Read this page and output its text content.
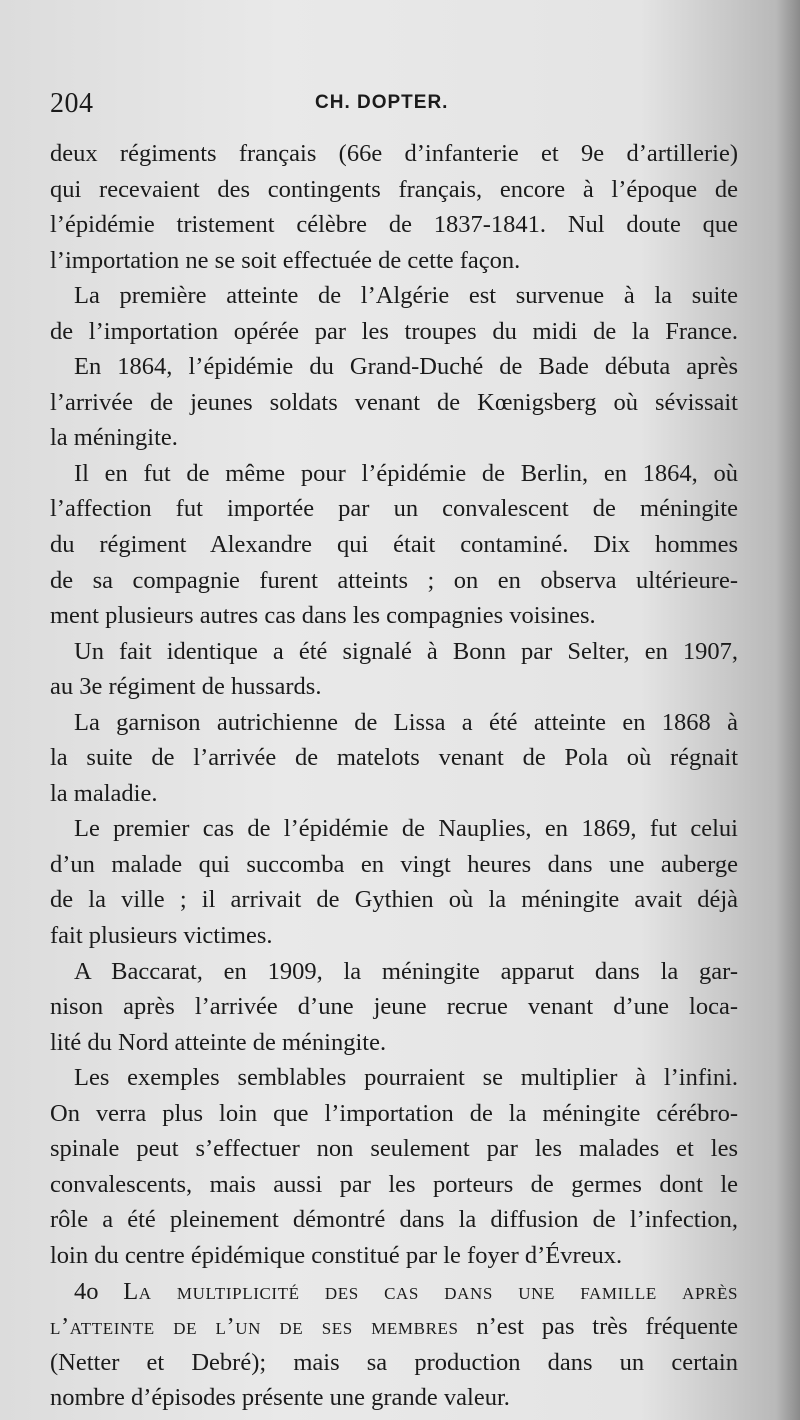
204	CH. DOPTER.
deux régiments français (66e d’infanterie et 9e d’artillerie)
qui recevaient des contingents français, encore à l’époque de
l’épidémie tristement célèbre de 1837-1841. Nul doute que
l’importation ne se soit effectuée de cette façon.
La première atteinte de l’Algérie est survenue à la suite
de l’importation opérée par les troupes du midi de la France.
En 1864, l’épidémie du Grand-Duché de Bade débuta après
l’arrivée de jeunes soldats venant de Kœnigsberg où sévissait
la méningite.
Il en fut de même pour l’épidémie de Berlin, en 1864, où
l’affection fut importée par un convalescent de méningite
du régiment Alexandre qui était contaminé. Dix hommes
de sa compagnie furent atteints ; on en observa ultérieure-
ment plusieurs autres cas dans les compagnies voisines.
Un fait identique a été signalé à Bonn par Selter, en 1907,
au 3e régiment de hussards.
La garnison autrichienne de Lissa a été atteinte en 1868 à
la suite de l’arrivée de matelots venant de Pola où régnait
la maladie.
Le premier cas de l’épidémie de Nauplies, en 1869, fut celui
d’un malade qui succomba en vingt heures dans une auberge
de la ville ; il arrivait de Gythien où la méningite avait déjà
fait plusieurs victimes.
A Baccarat, en 1909, la méningite apparut dans la gar-
nison après l’arrivée d’une jeune recrue venant d’une loca-
lité du Nord atteinte de méningite.
Les exemples semblables pourraient se multiplier à l’infini.
On verra plus loin que l’importation de la méningite cérébro-
spinale peut s’effectuer non seulement par les malades et les
convalescents, mais aussi par les porteurs de germes dont le
rôle a été pleinement démontré dans la diffusion de l’infection,
loin du centre épidémique constitué par le foyer d’Évreux.
4o La multiplicité des cas dans une famille après
l’atteinte de l’un de ses membres n’est pas très fréquente
(Netter et Debré); mais sa production dans un certain
nombre d’épisodes présente une grande valeur.
